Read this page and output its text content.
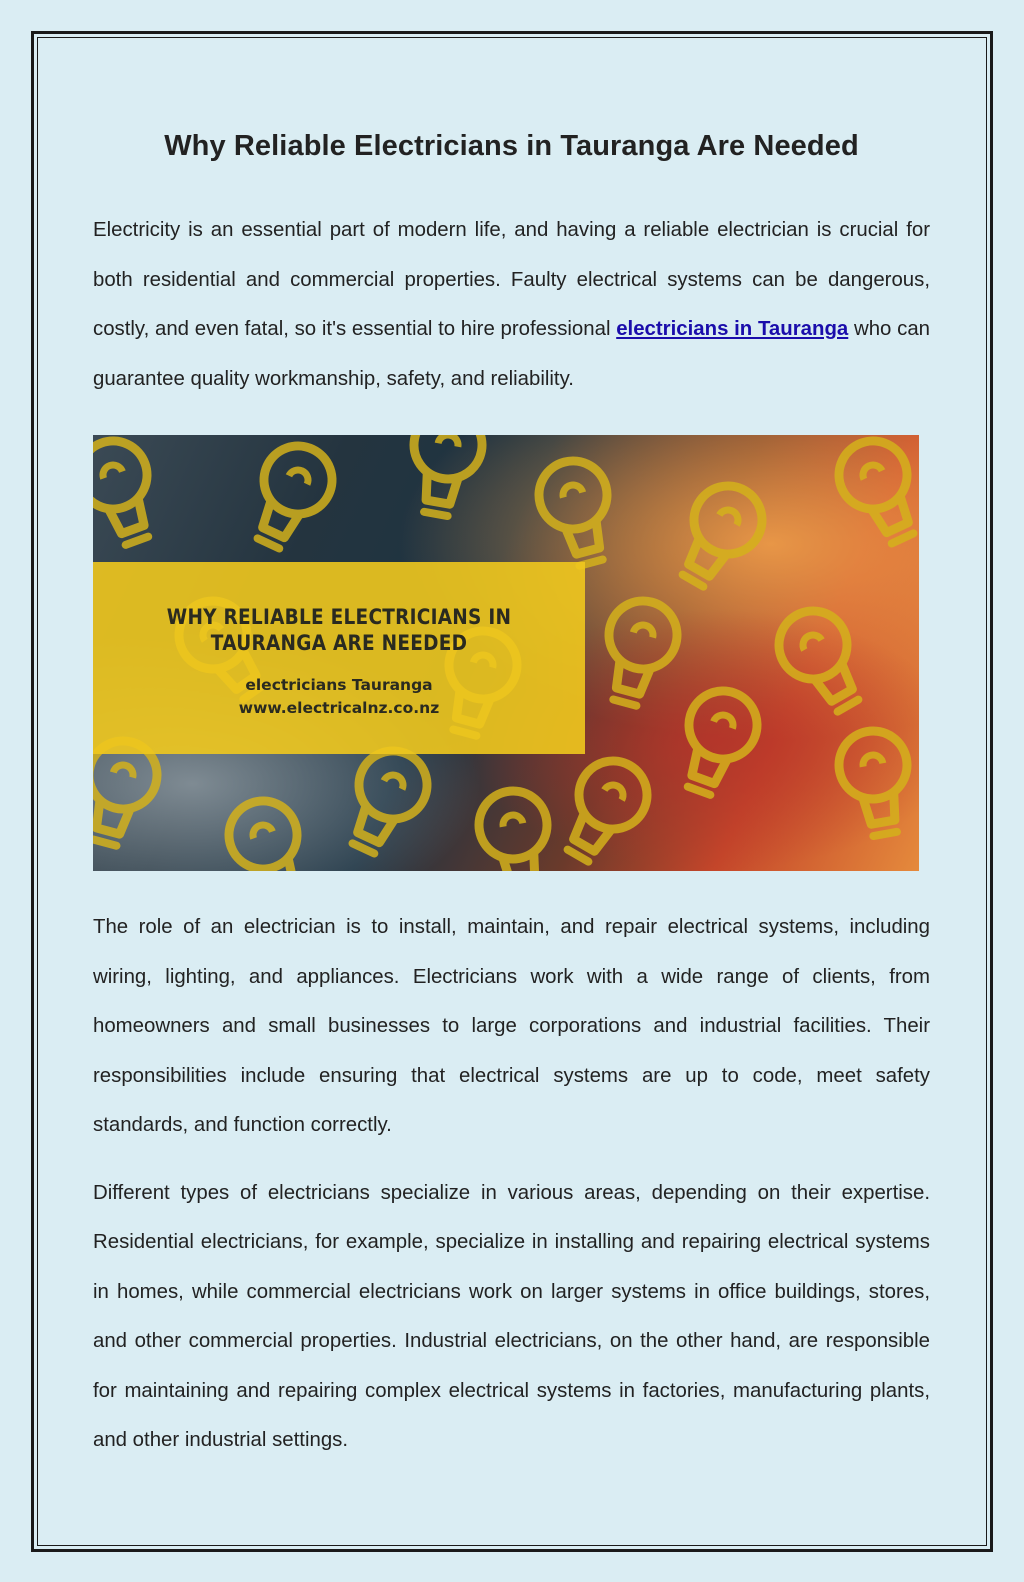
Why Reliable Electricians in Tauranga Are Needed

Electricity is an essential part of modern life, and having a reliable electrician is crucial for both residential and commercial properties. Faulty electrical systems can be dangerous, costly, and even fatal, so it's essential to hire professional electricians in Tauranga who can guarantee quality workmanship, safety, and reliability.

WHY RELIABLE ELECTRICIANS IN
TAURANGA ARE NEEDED
electricians Tauranga
www.electricalnz.co.nz

The role of an electrician is to install, maintain, and repair electrical systems, including wiring, lighting, and appliances. Electricians work with a wide range of clients, from homeowners and small businesses to large corporations and industrial facilities. Their responsibilities include ensuring that electrical systems are up to code, meet safety standards, and function correctly.

Different types of electricians specialize in various areas, depending on their expertise. Residential electricians, for example, specialize in installing and repairing electrical systems in homes, while commercial electricians work on larger systems in office buildings, stores, and other commercial properties. Industrial electricians, on the other hand, are responsible for maintaining and repairing complex electrical systems in factories, manufacturing plants, and other industrial settings.
